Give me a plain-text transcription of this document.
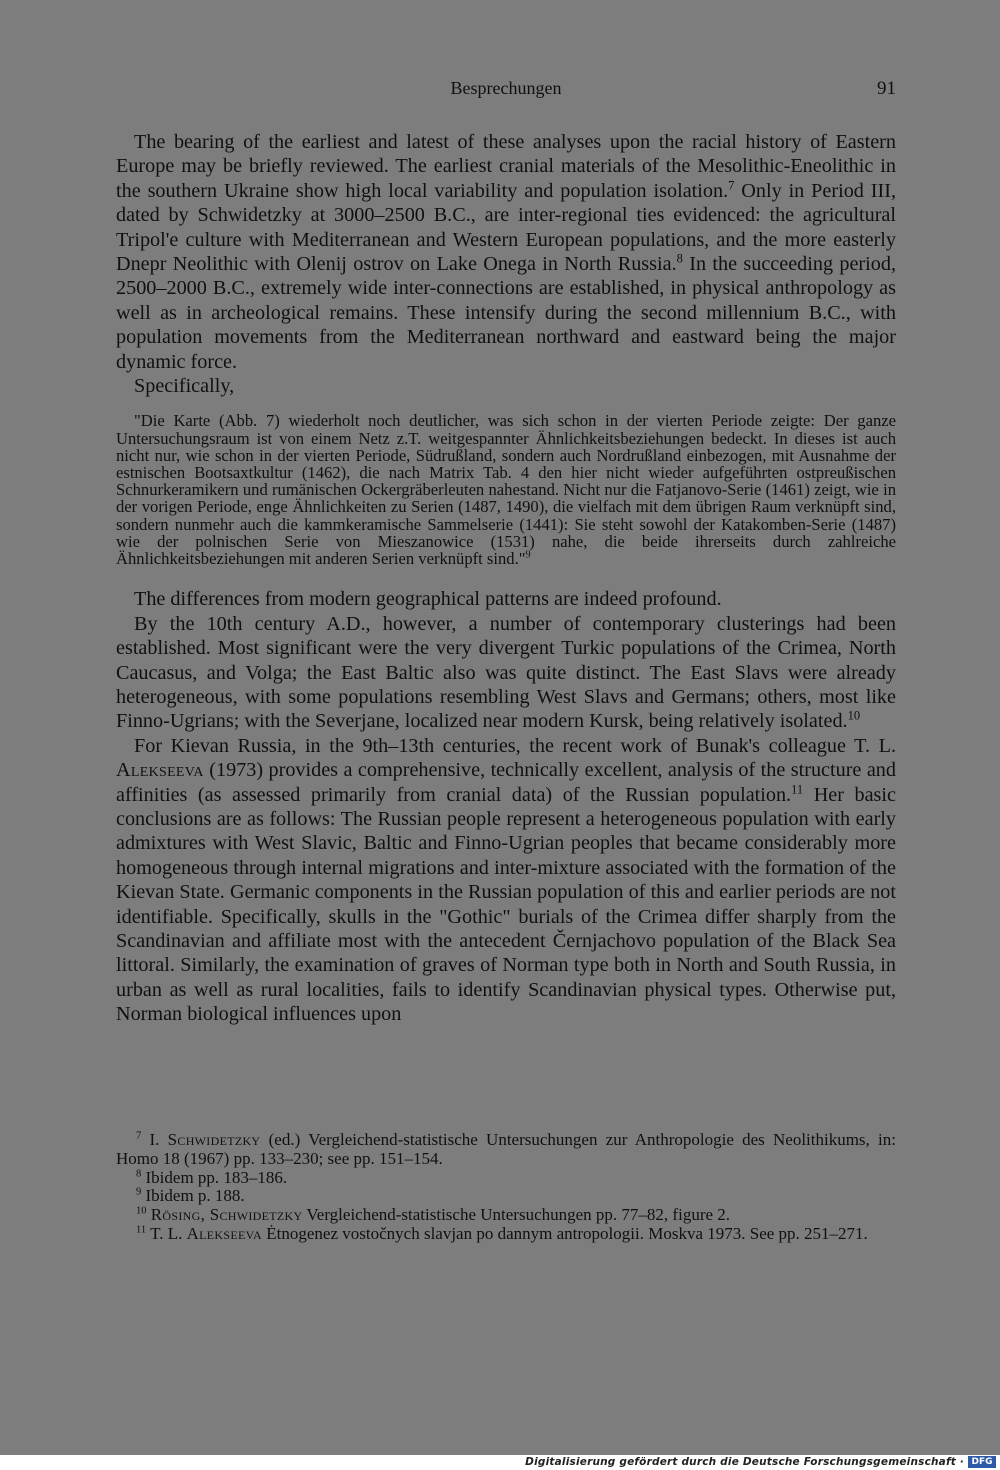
Besprechungen	91

The bearing of the earliest and latest of these analyses upon the racial history of Eastern Europe may be briefly reviewed. The earliest cranial materials of the Mesolithic-Eneolithic in the southern Ukraine show high local variability and population isolation.$^7$ Only in Period III, dated by Schwidetzky at 3000–2500 B.C., are inter-regional ties evidenced: the agricultural Tripol'e culture with Mediterranean and Western European populations, and the more easterly Dnepr Neolithic with Olenij ostrov on Lake Onega in North Russia.$^8$ In the succeeding period, 2500–2000 B.C., extremely wide inter-connections are established, in physical anthropology as well as in archeological remains. These intensify during the second millennium B.C., with population movements from the Mediterranean northward and eastward being the major dynamic force.

Specifically,

"Die Karte (Abb. 7) wiederholt noch deutlicher, was sich schon in der vierten Periode zeigte: Der ganze Untersuchungsraum ist von einem Netz z.T. weitgespannter Ähnlichkeitsbeziehungen bedeckt. In dieses ist auch nicht nur, wie schon in der vierten Periode, Südrußland, sondern auch Nordrußland einbezogen, mit Ausnahme der estnischen Bootsaxtkultur (1462), die nach Matrix Tab. 4 den hier nicht wieder aufgeführten ostpreußischen Schnurkeramikern und rumänischen Ockergräberleuten nahestand. Nicht nur die Fatjanovo-Serie (1461) zeigt, wie in der vorigen Periode, enge Ähnlichkeiten zu Serien (1487, 1490), die vielfach mit dem übrigen Raum verknüpft sind, sondern nunmehr auch die kammkeramische Sammelserie (1441): Sie steht sowohl der Katakomben-Serie (1487) wie der polnischen Serie von Mieszanowice (1531) nahe, die beide ihrerseits durch zahlreiche Ähnlichkeitsbeziehungen mit anderen Serien verknüpft sind."$^9$

The differences from modern geographical patterns are indeed profound.

By the 10th century A.D., however, a number of contemporary clusterings had been established. Most significant were the very divergent Turkic populations of the Crimea, North Caucasus, and Volga; the East Baltic also was quite distinct. The East Slavs were already heterogeneous, with some populations resembling West Slavs and Germans; others, most like Finno-Ugrians; with the Severjane, localized near modern Kursk, being relatively isolated.$^{10}$

For Kievan Russia, in the 9th–13th centuries, the recent work of Bunak's colleague T. L. Alekseeva (1973) provides a comprehensive, technically excellent, analysis of the structure and affinities (as assessed primarily from cranial data) of the Russian population.$^{11}$ Her basic conclusions are as follows: The Russian people represent a heterogeneous population with early admixtures with West Slavic, Baltic and Finno-Ugrian peoples that became considerably more homogeneous through internal migrations and inter-mixture associated with the formation of the Kievan State. Germanic components in the Russian population of this and earlier periods are not identifiable. Specifically, skulls in the "Gothic" burials of the Crimea differ sharply from the Scandinavian and affiliate most with the antecedent Černjachovo population of the Black Sea littoral. Similarly, the examination of graves of Norman type both in North and South Russia, in urban as well as rural localities, fails to identify Scandinavian physical types. Otherwise put, Norman biological influences upon

$^7$ I. Schwidetzky (ed.) Vergleichend-statistische Untersuchungen zur Anthropologie des Neolithikums, in: Homo 18 (1967) pp. 133–230; see pp. 151–154.

$^8$ Ibidem pp. 183–186.

$^9$ Ibidem p. 188.

$^{10}$ Rösing, Schwidetzky Vergleichend-statistische Untersuchungen pp. 77–82, figure 2.

$^{11}$ T. L. Alekseeva Ėtnogenez vostočnych slavjan po dannym antropologii. Moskva 1973. See pp. 251–271.

Digitalisierung gefördert durch die Deutsche Forschungsgemeinschaft · DFG
